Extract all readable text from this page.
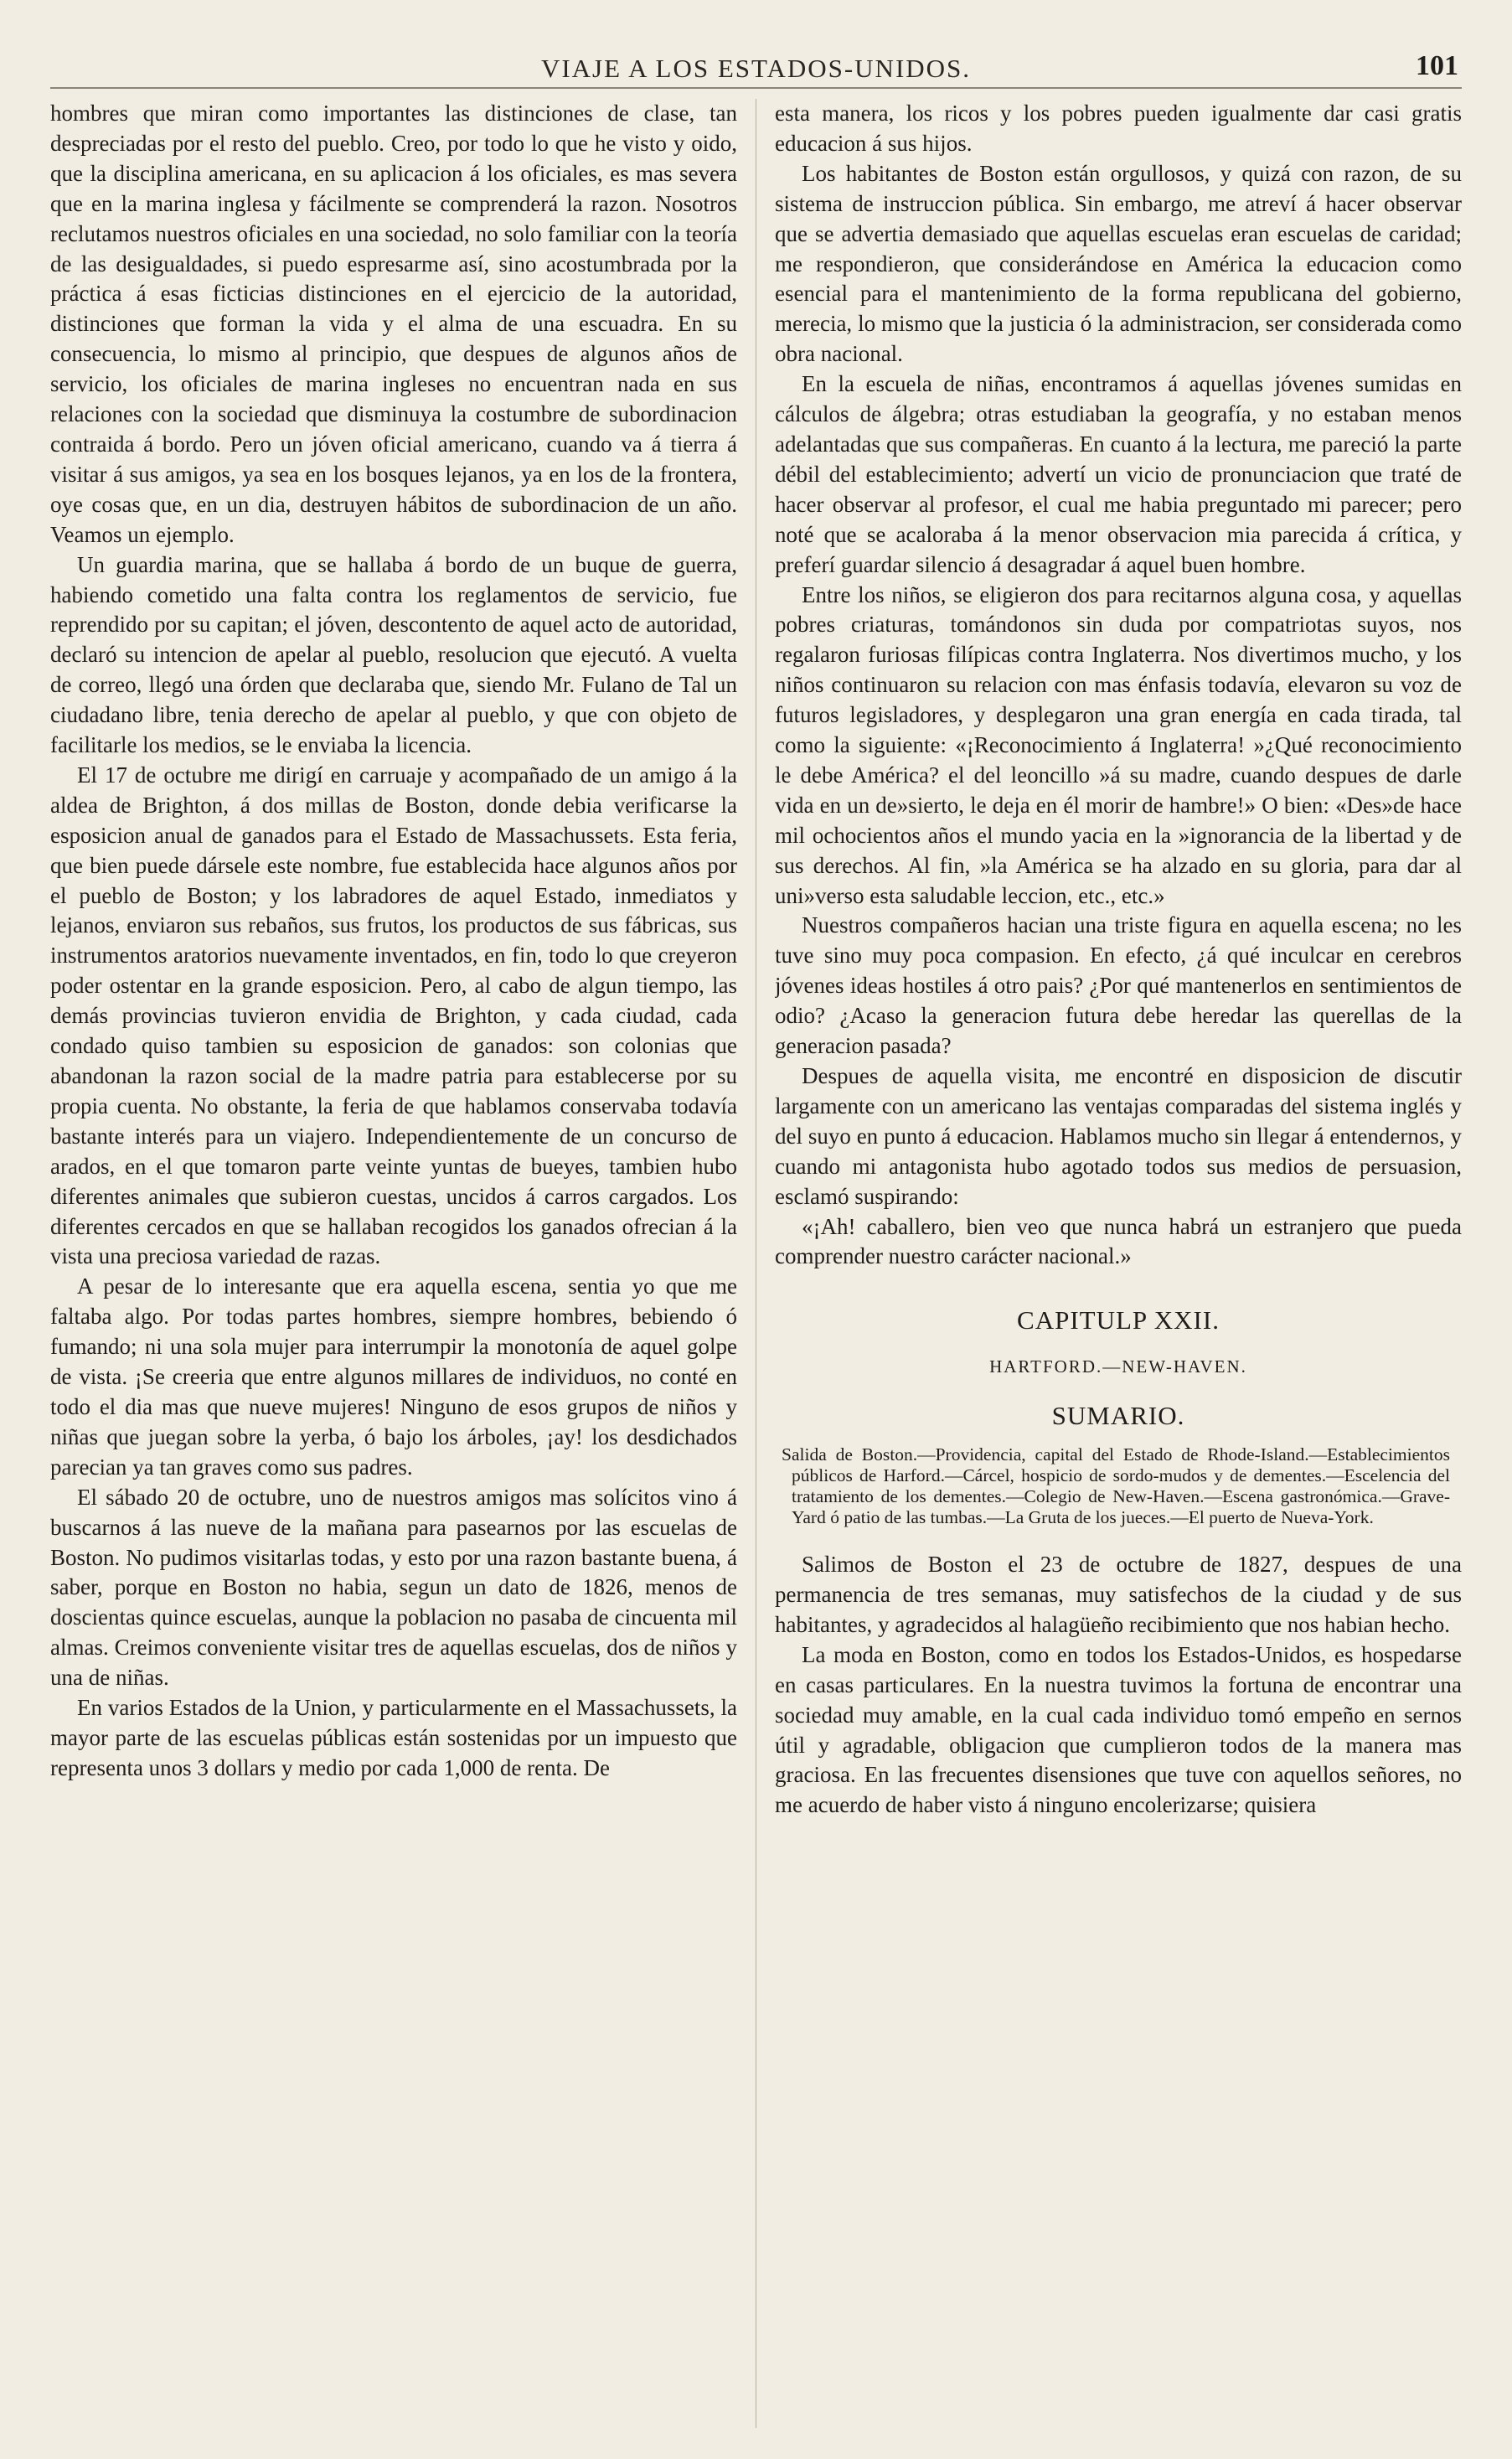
VIAJE A LOS ESTADOS-UNIDOS.	101

hombres que miran como importantes las distinciones de clase, tan despreciadas por el resto del pueblo. Creo, por todo lo que he visto y oido, que la disciplina americana, en su aplicacion á los oficiales, es mas severa que en la marina inglesa y fácilmente se comprenderá la razon. Nosotros reclutamos nuestros oficiales en una sociedad, no solo familiar con la teoría de las desigualdades, si puedo espresarme así, sino acostumbrada por la práctica á esas ficticias distinciones en el ejercicio de la autoridad, distinciones que forman la vida y el alma de una escuadra. En su consecuencia, lo mismo al principio, que despues de algunos años de servicio, los oficiales de marina ingleses no encuentran nada en sus relaciones con la sociedad que disminuya la costumbre de subordinacion contraida á bordo. Pero un jóven oficial americano, cuando va á tierra á visitar á sus amigos, ya sea en los bosques lejanos, ya en los de la frontera, oye cosas que, en un dia, destruyen hábitos de subordinacion de un año. Veamos un ejemplo.

Un guardia marina, que se hallaba á bordo de un buque de guerra, habiendo cometido una falta contra los reglamentos de servicio, fue reprendido por su capitan; el jóven, descontento de aquel acto de autoridad, declaró su intencion de apelar al pueblo, resolucion que ejecutó. A vuelta de correo, llegó una órden que declaraba que, siendo Mr. Fulano de Tal un ciudadano libre, tenia derecho de apelar al pueblo, y que con objeto de facilitarle los medios, se le enviaba la licencia.

El 17 de octubre me dirigí en carruaje y acompañado de un amigo á la aldea de Brighton, á dos millas de Boston, donde debia verificarse la esposicion anual de ganados para el Estado de Massachussets. Esta feria, que bien puede dársele este nombre, fue establecida hace algunos años por el pueblo de Boston; y los labradores de aquel Estado, inmediatos y lejanos, enviaron sus rebaños, sus frutos, los productos de sus fábricas, sus instrumentos aratorios nuevamente inventados, en fin, todo lo que creyeron poder ostentar en la grande esposicion. Pero, al cabo de algun tiempo, las demás provincias tuvieron envidia de Brighton, y cada ciudad, cada condado quiso tambien su esposicion de ganados: son colonias que abandonan la razon social de la madre patria para establecerse por su propia cuenta. No obstante, la feria de que hablamos conservaba todavía bastante interés para un viajero. Independientemente de un concurso de arados, en el que tomaron parte veinte yuntas de bueyes, tambien hubo diferentes animales que subieron cuestas, uncidos á carros cargados. Los diferentes cercados en que se hallaban recogidos los ganados ofrecian á la vista una preciosa variedad de razas.

A pesar de lo interesante que era aquella escena, sentia yo que me faltaba algo. Por todas partes hombres, siempre hombres, bebiendo ó fumando; ni una sola mujer para interrumpir la monotonía de aquel golpe de vista. ¡Se creeria que entre algunos millares de individuos, no conté en todo el dia mas que nueve mujeres! Ninguno de esos grupos de niños y niñas que juegan sobre la yerba, ó bajo los árboles, ¡ay! los desdichados parecian ya tan graves como sus padres.

El sábado 20 de octubre, uno de nuestros amigos mas solícitos vino á buscarnos á las nueve de la mañana para pasearnos por las escuelas de Boston. No pudimos visitarlas todas, y esto por una razon bastante buena, á saber, porque en Boston no habia, segun un dato de 1826, menos de doscientas quince escuelas, aunque la poblacion no pasaba de cincuenta mil almas. Creimos conveniente visitar tres de aquellas escuelas, dos de niños y una de niñas.

En varios Estados de la Union, y particularmente en el Massachussets, la mayor parte de las escuelas públicas están sostenidas por un impuesto que representa unos 3 dollars y medio por cada 1,000 de renta. De

esta manera, los ricos y los pobres pueden igualmente dar casi gratis educacion á sus hijos.

Los habitantes de Boston están orgullosos, y quizá con razon, de su sistema de instruccion pública. Sin embargo, me atreví á hacer observar que se advertia demasiado que aquellas escuelas eran escuelas de caridad; me respondieron, que considerándose en América la educacion como esencial para el mantenimiento de la forma republicana del gobierno, merecia, lo mismo que la justicia ó la administracion, ser considerada como obra nacional.

En la escuela de niñas, encontramos á aquellas jóvenes sumidas en cálculos de álgebra; otras estudiaban la geografía, y no estaban menos adelantadas que sus compañeras. En cuanto á la lectura, me pareció la parte débil del establecimiento; advertí un vicio de pronunciacion que traté de hacer observar al profesor, el cual me habia preguntado mi parecer; pero noté que se acaloraba á la menor observacion mia parecida á crítica, y preferí guardar silencio á desagradar á aquel buen hombre.

Entre los niños, se eligieron dos para recitarnos alguna cosa, y aquellas pobres criaturas, tomándonos sin duda por compatriotas suyos, nos regalaron furiosas filípicas contra Inglaterra. Nos divertimos mucho, y los niños continuaron su relacion con mas énfasis todavía, elevaron su voz de futuros legisladores, y desplegaron una gran energía en cada tirada, tal como la siguiente: «¡Reconocimiento á Inglaterra! »¿Qué reconocimiento le debe América? el del leoncillo »á su madre, cuando despues de darle vida en un de»sierto, le deja en él morir de hambre!» O bien: «Des»de hace mil ochocientos años el mundo yacia en la »ignorancia de la libertad y de sus derechos. Al fin, »la América se ha alzado en su gloria, para dar al uni»verso esta saludable leccion, etc., etc.»

Nuestros compañeros hacian una triste figura en aquella escena; no les tuve sino muy poca compasion. En efecto, ¿á qué inculcar en cerebros jóvenes ideas hostiles á otro pais? ¿Por qué mantenerlos en sentimientos de odio? ¿Acaso la generacion futura debe heredar las querellas de la generacion pasada?

Despues de aquella visita, me encontré en disposicion de discutir largamente con un americano las ventajas comparadas del sistema inglés y del suyo en punto á educacion. Hablamos mucho sin llegar á entendernos, y cuando mi antagonista hubo agotado todos sus medios de persuasion, esclamó suspirando:

«¡Ah! caballero, bien veo que nunca habrá un estranjero que pueda comprender nuestro carácter nacional.»

CAPITULP XXII.
HARTFORD.—NEW-HAVEN.
SUMARIO.
Salida de Boston.—Providencia, capital del Estado de Rhode-Island.—Establecimientos públicos de Harford.—Cárcel, hospicio de sordo-mudos y de dementes.—Escelencia del tratamiento de los dementes.—Colegio de New-Haven.—Escena gastronómica.—Grave-Yard ó patio de las tumbas.—La Gruta de los jueces.—El puerto de Nueva-York.

Salimos de Boston el 23 de octubre de 1827, despues de una permanencia de tres semanas, muy satisfechos de la ciudad y de sus habitantes, y agradecidos al halagüeño recibimiento que nos habian hecho.

La moda en Boston, como en todos los Estados-Unidos, es hospedarse en casas particulares. En la nuestra tuvimos la fortuna de encontrar una sociedad muy amable, en la cual cada individuo tomó empeño en sernos útil y agradable, obligacion que cumplieron todos de la manera mas graciosa. En las frecuentes disensiones que tuve con aquellos señores, no me acuerdo de haber visto á ninguno encolerizarse; quisiera
